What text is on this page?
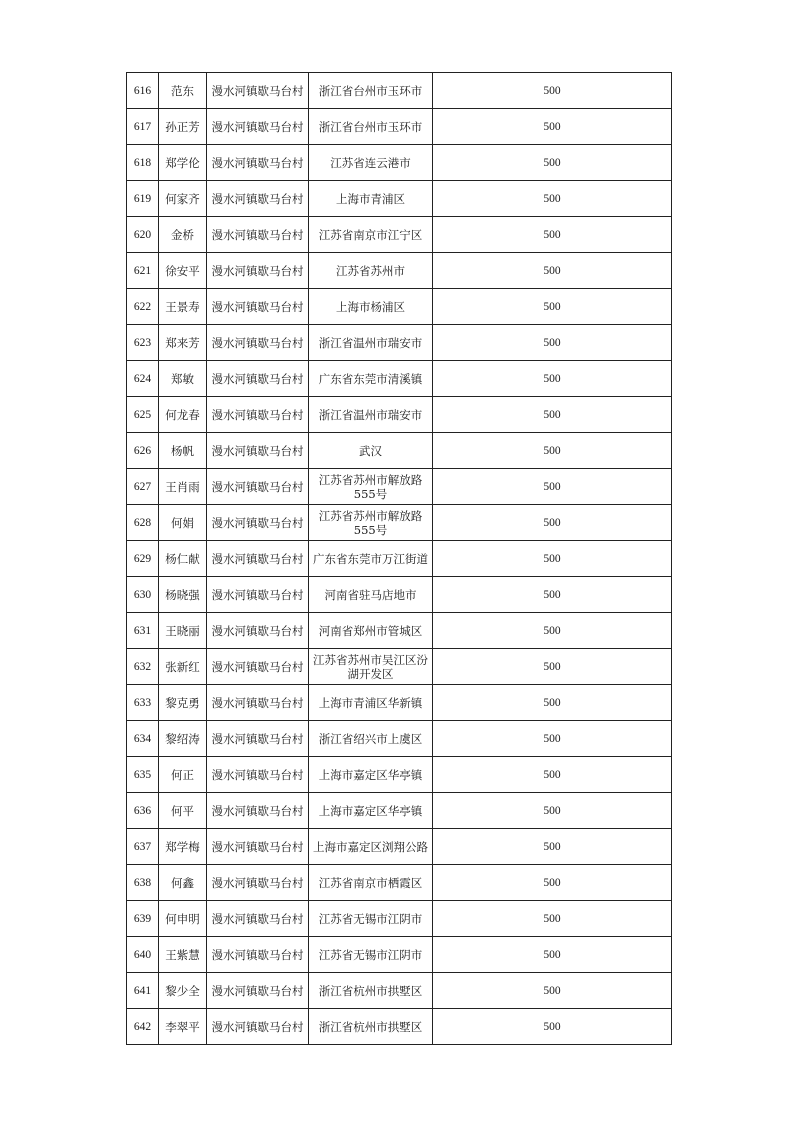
616	范东	漫水河镇歇马台村	浙江省台州市玉环市	500
617	孙正芳	漫水河镇歇马台村	浙江省台州市玉环市	500
618	郑学伦	漫水河镇歇马台村	江苏省连云港市	500
619	何家齐	漫水河镇歇马台村	上海市青浦区	500
620	金桥	漫水河镇歇马台村	江苏省南京市江宁区	500
621	徐安平	漫水河镇歇马台村	江苏省苏州市	500
622	王景寿	漫水河镇歇马台村	上海市杨浦区	500
623	郑来芳	漫水河镇歇马台村	浙江省温州市瑞安市	500
624	郑敏	漫水河镇歇马台村	广东省东莞市清溪镇	500
625	何龙春	漫水河镇歇马台村	浙江省温州市瑞安市	500
626	杨帆	漫水河镇歇马台村	武汉	500
627	王肖雨	漫水河镇歇马台村	江苏省苏州市解放路555号	500
628	何娟	漫水河镇歇马台村	江苏省苏州市解放路555号	500
629	杨仁献	漫水河镇歇马台村	广东省东莞市万江街道	500
630	杨晓强	漫水河镇歇马台村	河南省驻马店地市	500
631	王晓丽	漫水河镇歇马台村	河南省郑州市管城区	500
632	张新红	漫水河镇歇马台村	江苏省苏州市吴江区汾湖开发区	500
633	黎克勇	漫水河镇歇马台村	上海市青浦区华新镇	500
634	黎绍涛	漫水河镇歇马台村	浙江省绍兴市上虞区	500
635	何正	漫水河镇歇马台村	上海市嘉定区华亭镇	500
636	何平	漫水河镇歇马台村	上海市嘉定区华亭镇	500
637	郑学梅	漫水河镇歇马台村	上海市嘉定区浏翔公路	500
638	何鑫	漫水河镇歇马台村	江苏省南京市栖霞区	500
639	何申明	漫水河镇歇马台村	江苏省无锡市江阴市	500
640	王紫慧	漫水河镇歇马台村	江苏省无锡市江阴市	500
641	黎少全	漫水河镇歇马台村	浙江省杭州市拱墅区	500
642	李翠平	漫水河镇歇马台村	浙江省杭州市拱墅区	500
